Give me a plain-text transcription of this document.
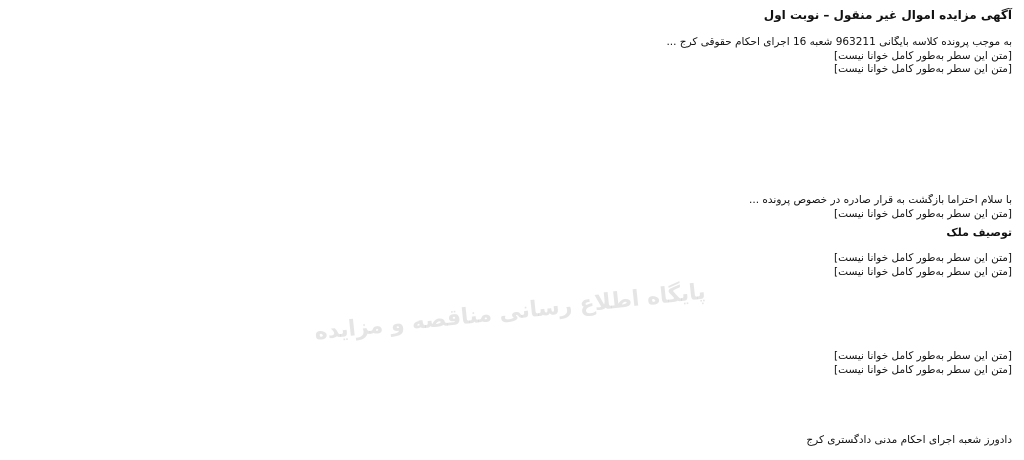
آگهی مزایده اموال غیر منقول – نوبت اول
به موجب پرونده کلاسه بایگانی 963211 شعبه 16 اجرای احکام حقوقی کرج ...
[متن این سطر به‌طور کامل خوانا نیست]
[متن این سطر به‌طور کامل خوانا نیست]
با سلام احتراما بازگشت به قرار صادره در خصوص پرونده ...
[متن این سطر به‌طور کامل خوانا نیست]
توصیف ملک
[متن این سطر به‌طور کامل خوانا نیست]
[متن این سطر به‌طور کامل خوانا نیست]
[متن این سطر به‌طور کامل خوانا نیست]
[متن این سطر به‌طور کامل خوانا نیست]
پایگاه اطلاع رسانی مناقصه و مزایده
دادورز شعبه اجرای احکام مدنی دادگستری کرج
